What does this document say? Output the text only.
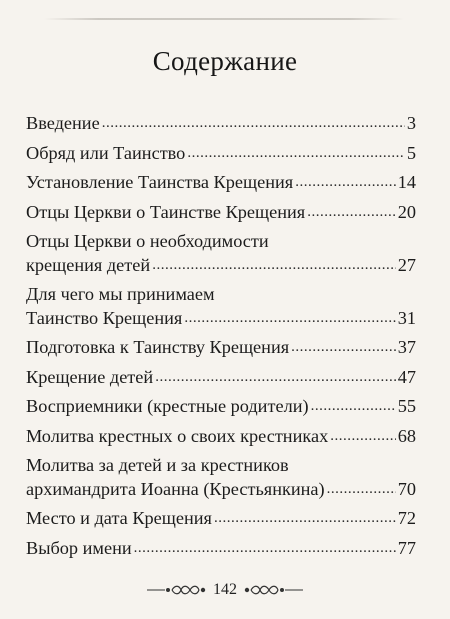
Содержание
Введение .....	3
Обряд или Таинство .....	5
Установление Таинства Крещения .....	14
Отцы Церкви о Таинстве Крещения .....	20
Отцы Церкви о необходимости
крещения детей .....	27
Для чего мы принимаем
Таинство Крещения .....	31
Подготовка к Таинству Крещения .....	37
Крещение детей .....	47
Восприемники (крестные родители) .....	55
Молитва крестных о своих крестниках .....	68
Молитва за детей и за крестников
архимандрита Иоанна (Крестьянкина) .....	70
Место и дата Крещения .....	72
Выбор имени .....	77
142
